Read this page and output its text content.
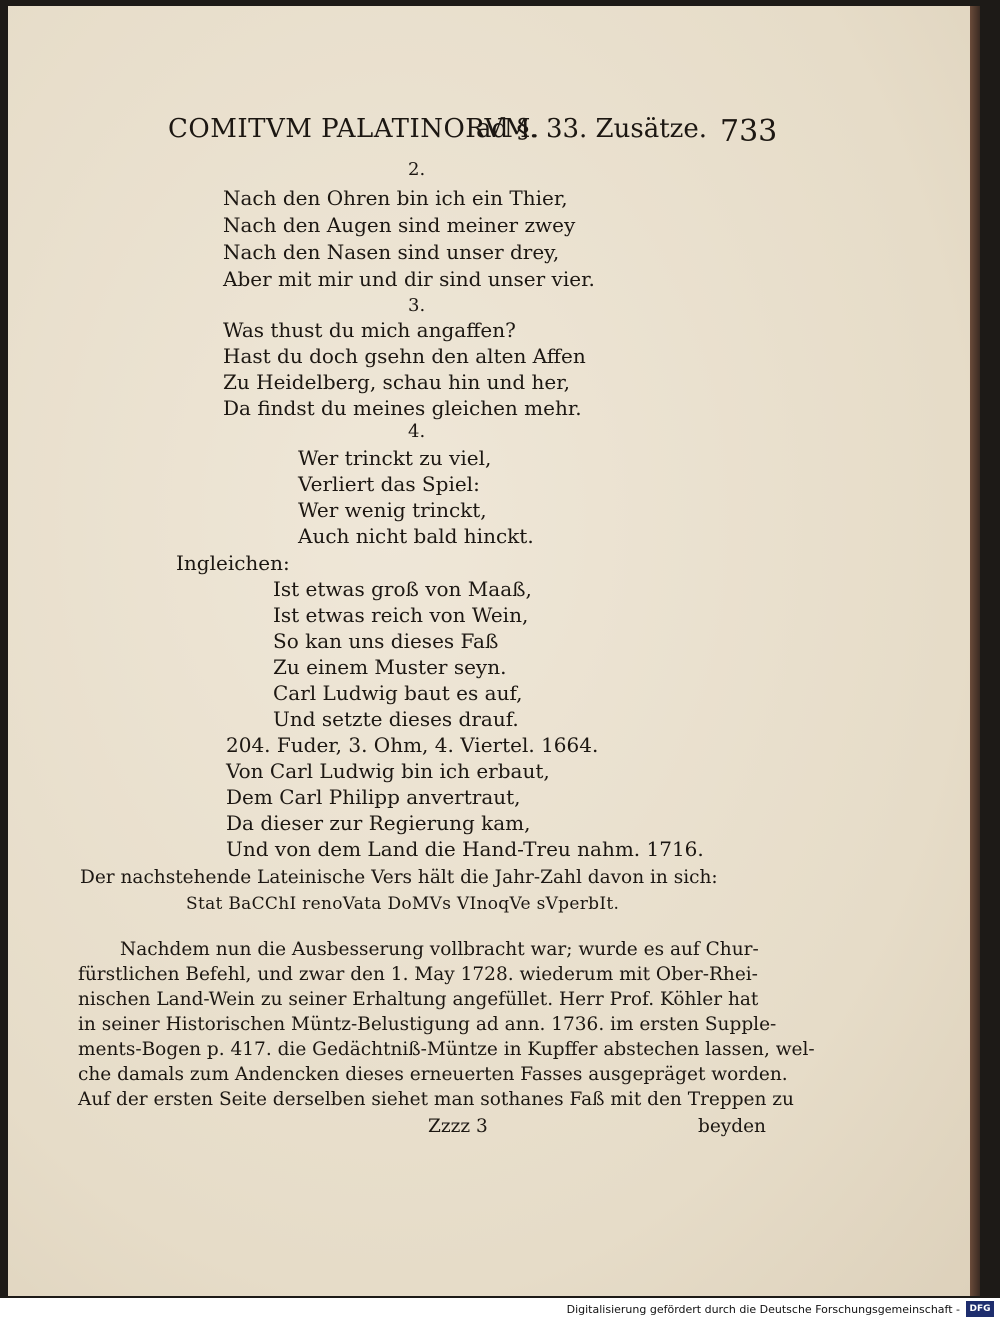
COMITVM PALATINORVM.
ad §. 33. Zusätze. 733
2.
Nach den Ohren bin ich ein Thier,
Nach den Augen sind meiner zwey
Nach den Nasen sind unser drey,
Aber mit mir und dir sind unser vier.
3.
Was thust du mich angaffen?
Hast du doch gsehn den alten Affen
Zu Heidelberg, schau hin und her,
Da findst du meines gleichen mehr.
4.
Wer trinckt zu viel,
Verliert das Spiel:
Wer wenig trinckt,
Auch nicht bald hinckt.
Ingleichen:
Ist etwas groß von Maaß,
Ist etwas reich von Wein,
So kan uns dieses Faß
Zu einem Muster seyn.
Carl Ludwig baut es auf,
Und setzte dieses drauf.
204. Fuder, 3. Ohm, 4. Viertel. 1664.
Von Carl Ludwig bin ich erbaut,
Dem Carl Philipp anvertraut,
Da dieser zur Regierung kam,
Und von dem Land die Hand-Treu nahm. 1716.
Der nachstehende Lateinische Vers hält die Jahr-Zahl davon in sich:
Stat BaCChI renoVata DoMVs VInoqVe sVperbIt.
Nachdem nun die Ausbesserung vollbracht war; wurde es auf Chur-
fürstlichen Befehl, und zwar den 1. May 1728. wiederum mit Ober-Rhei-
nischen Land-Wein zu seiner Erhaltung angefüllet. Herr Prof. Köhler hat
in seiner Historischen Müntz-Belustigung ad ann. 1736. im ersten Supple-
ments-Bogen p. 417. die Gedächtniß-Müntze in Kupffer abstechen lassen, wel-
che damals zum Andencken dieses erneuerten Fasses ausgepräget worden.
Auf der ersten Seite derselben siehet man sothanes Faß mit den Treppen zu
Zzzz 3	beyden
Digitalisierung gefördert durch die Deutsche Forschungsgemeinschaft -	DFG
